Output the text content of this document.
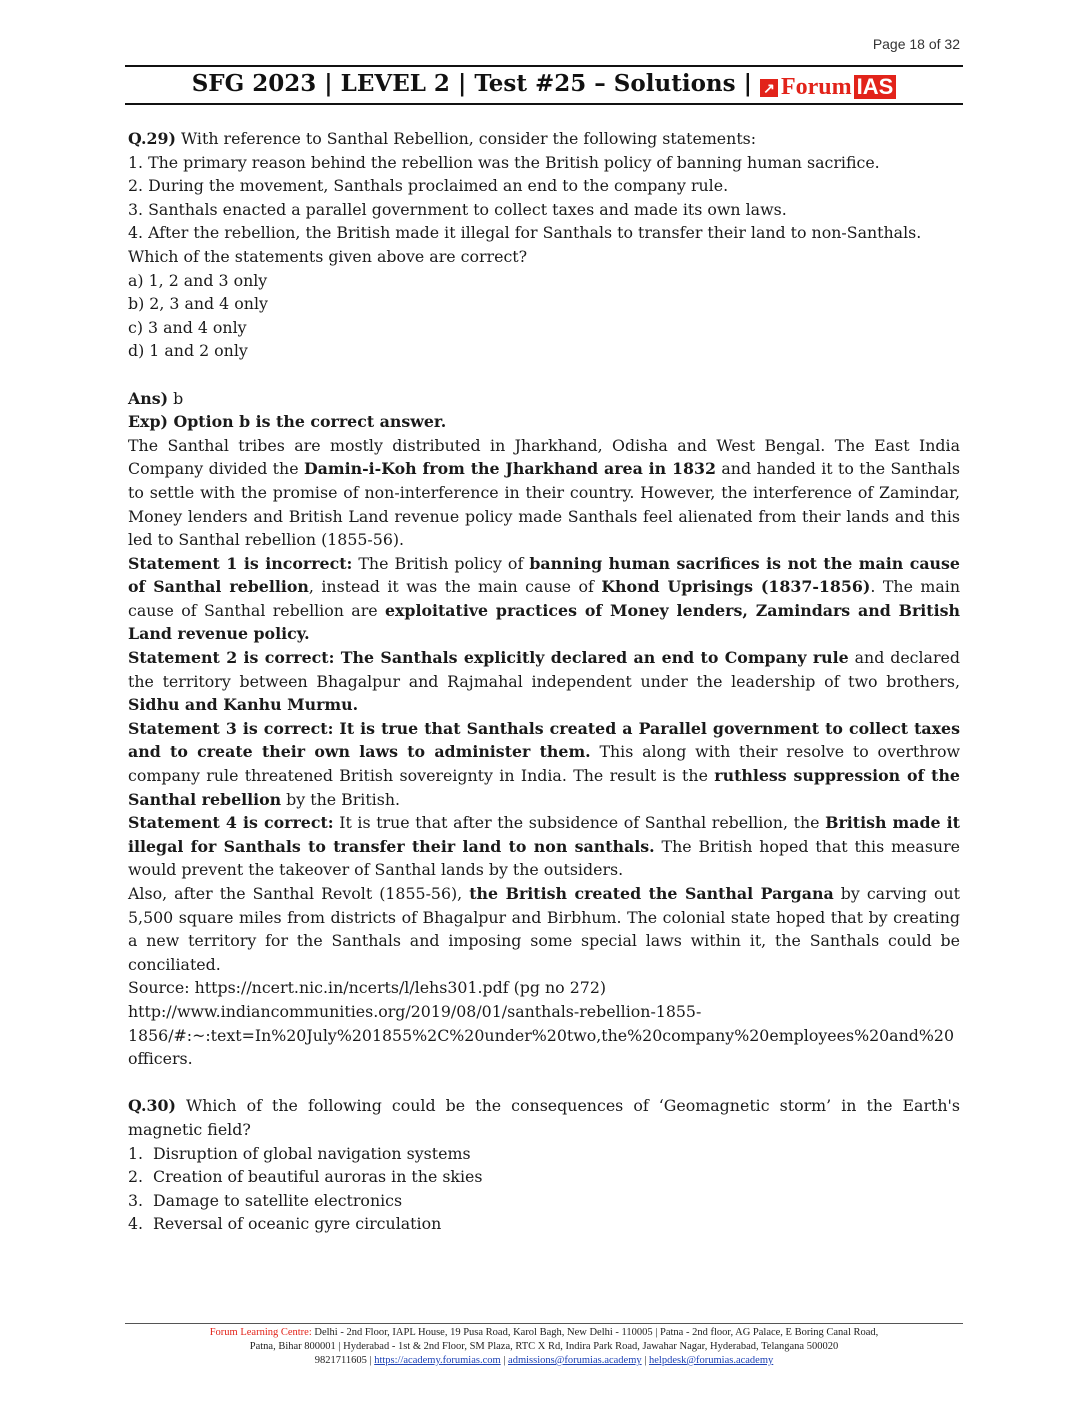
Page 18 of 32
SFG 2023 | LEVEL 2 | Test #25 – Solutions | ↗ Forum IAS

Q.29) With reference to Santhal Rebellion, consider the following statements:

1. The primary reason behind the rebellion was the British policy of banning human sacrifice.

2. During the movement, Santhals proclaimed an end to the company rule.

3. Santhals enacted a parallel government to collect taxes and made its own laws.

4. After the rebellion, the British made it illegal for Santhals to transfer their land to non-Santhals.

Which of the statements given above are correct?

a) 1, 2 and 3 only

b) 2, 3 and 4 only

c) 3 and 4 only

d) 1 and 2 only

Ans) b

Exp) Option b is the correct answer.

The Santhal tribes are mostly distributed in Jharkhand, Odisha and West Bengal. The East India Company divided the Damin-i-Koh from the Jharkhand area in 1832 and handed it to the Santhals to settle with the promise of non-interference in their country. However, the interference of Zamindar, Money lenders and British Land revenue policy made Santhals feel alienated from their lands and this led to Santhal rebellion (1855-56).

Statement 1 is incorrect: The British policy of banning human sacrifices is not the main cause of Santhal rebellion, instead it was the main cause of Khond Uprisings (1837-1856). The main cause of Santhal rebellion are exploitative practices of Money lenders, Zamindars and British Land revenue policy.

Statement 2 is correct: The Santhals explicitly declared an end to Company rule and declared the territory between Bhagalpur and Rajmahal independent under the leadership of two brothers, Sidhu and Kanhu Murmu.

Statement 3 is correct: It is true that Santhals created a Parallel government to collect taxes and to create their own laws to administer them. This along with their resolve to overthrow company rule threatened British sovereignty in India. The result is the ruthless suppression of the Santhal rebellion by the British.

Statement 4 is correct: It is true that after the subsidence of Santhal rebellion, the British made it illegal for Santhals to transfer their land to non santhals. The British hoped that this measure would prevent the takeover of Santhal lands by the outsiders.

Also, after the Santhal Revolt (1855-56), the British created the Santhal Pargana by carving out 5,500 square miles from districts of Bhagalpur and Birbhum. The colonial state hoped that by creating a new territory for the Santhals and imposing some special laws within it, the Santhals could be conciliated.

Source: https://ncert.nic.in/ncerts/l/lehs301.pdf (pg no 272)

http://www.indiancommunities.org/2019/08/01/santhals-rebellion-1855-

1856/#:~:text=In%20July%201855%2C%20under%20two,the%20company%20employees%20and%20officers.

Q.30) Which of the following could be the consequences of ‘Geomagnetic storm’ in the Earth's magnetic field?

1. Disruption of global navigation systems
2. Creation of beautiful auroras in the skies
3. Damage to satellite electronics
4. Reversal of oceanic gyre circulation
Forum Learning Centre: Delhi - 2nd Floor, IAPL House, 19 Pusa Road, Karol Bagh, New Delhi - 110005 | Patna - 2nd floor, AG Palace, E Boring Canal Road,
Patna, Bihar 800001 | Hyderabad - 1st & 2nd Floor, SM Plaza, RTC X Rd, Indira Park Road, Jawahar Nagar, Hyderabad, Telangana 500020
9821711605 | https://academy.forumias.com | admissions@forumias.academy | helpdesk@forumias.academy
